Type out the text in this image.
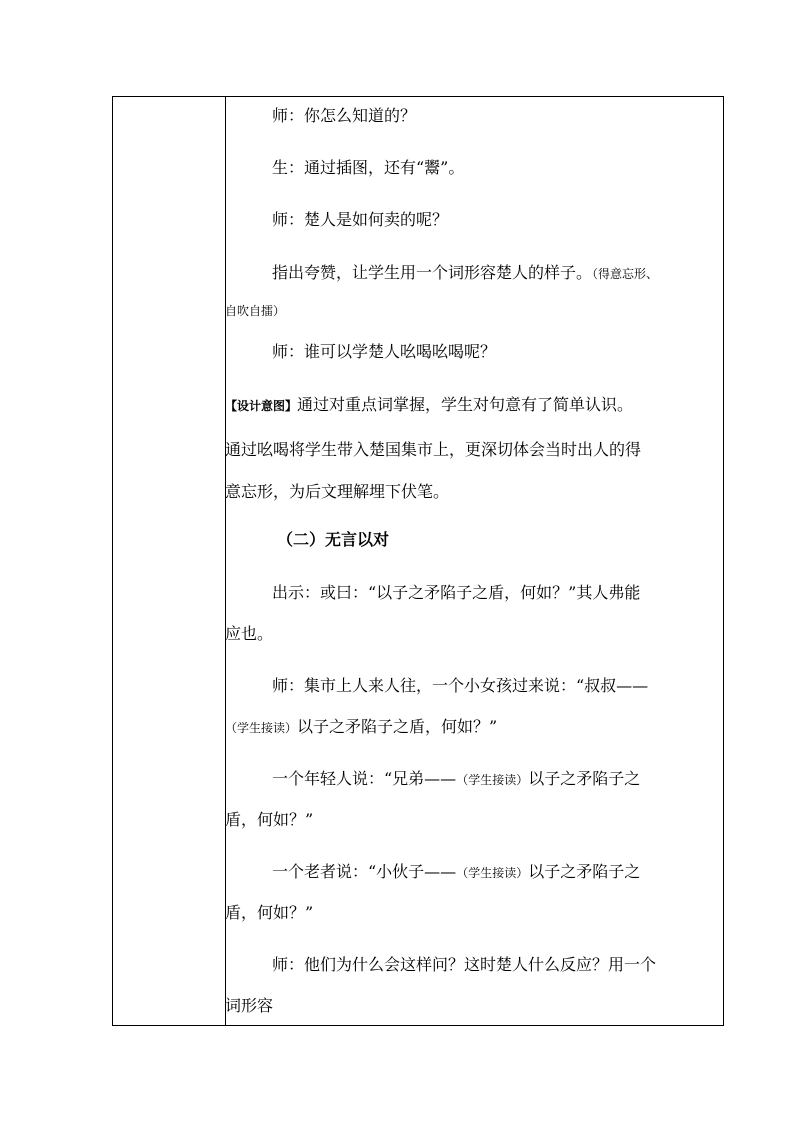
师：你怎么知道的？
生：通过插图，还有“鬻”。
师：楚人是如何卖的呢？
指出夸赞，让学生用一个词形容楚人的样子。（得意忘形、
自吹自擂）
师：谁可以学楚人吆喝吆喝呢？
【设计意图】通过对重点词掌握，学生对句意有了简单认识。
通过吆喝将学生带入楚国集市上，更深切体会当时出人的得
意忘形，为后文理解埋下伏笔。
（二）无言以对
出示：或曰：“以子之矛陷子之盾，何如？”其人弗能
应也。
师：集市上人来人往，一个小女孩过来说：“叔叔——
（学生接读）以子之矛陷子之盾，何如？”
一个年轻人说：“兄弟——（学生接读）以子之矛陷子之
盾，何如？”
一个老者说：“小伙子——（学生接读）以子之矛陷子之
盾，何如？”
师：他们为什么会这样问？这时楚人什么反应？用一个
词形容
